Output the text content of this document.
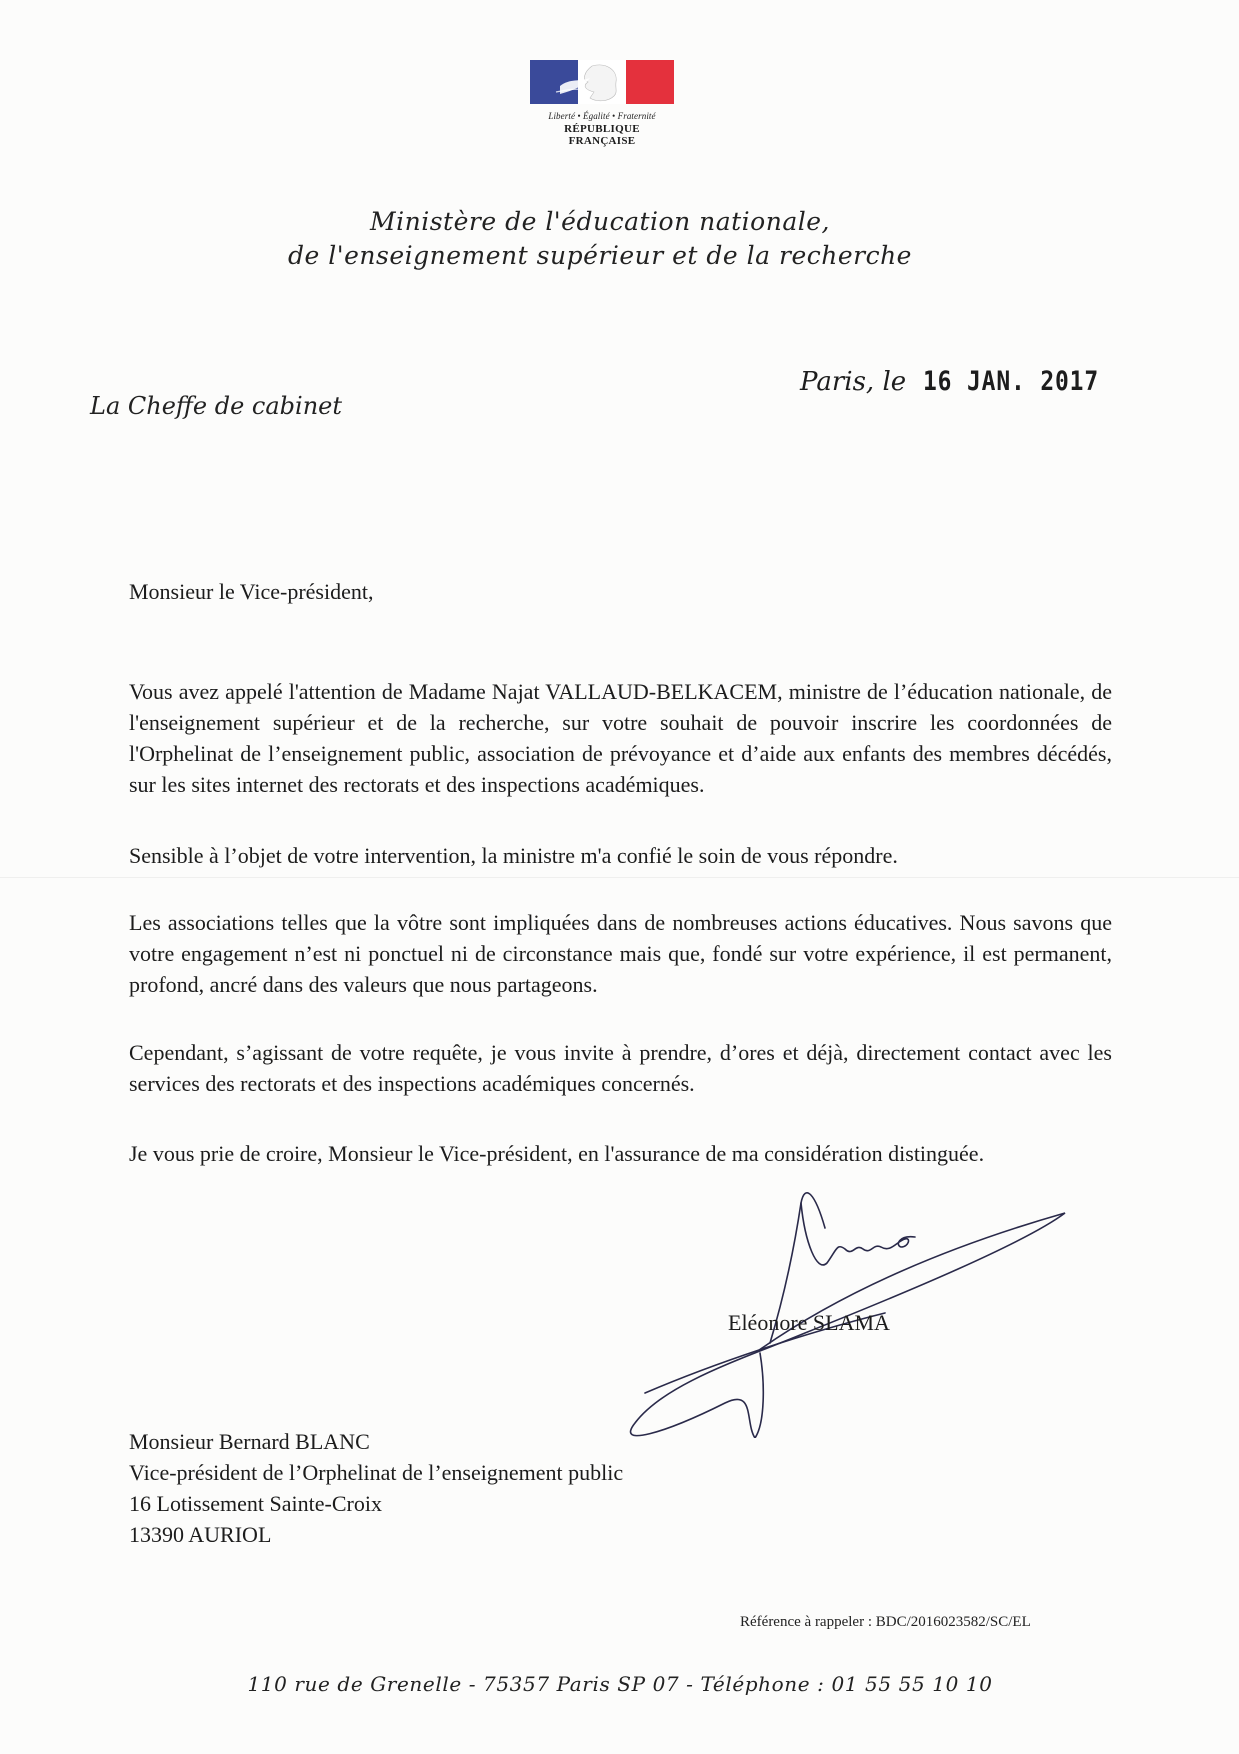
Liberté • Égalité • Fraternité
RÉPUBLIQUE FRANÇAISE
Ministère de l'éducation nationale,
de l'enseignement supérieur et de la recherche
La Cheffe de cabinet
Paris, le 16 JAN. 2017
Monsieur le Vice-président,
Vous avez appelé l'attention de Madame Najat VALLAUD-BELKACEM, ministre de l’éducation nationale, de l'enseignement supérieur et de la recherche, sur votre souhait de pouvoir inscrire les coordonnées de l'Orphelinat de l’enseignement public, association de prévoyance et d’aide aux enfants des membres décédés, sur les sites internet des rectorats et des inspections académiques.
Sensible à l’objet de votre intervention, la ministre m'a confié le soin de vous répondre.
Les associations telles que la vôtre sont impliquées dans de nombreuses actions éducatives. Nous savons que votre engagement n’est ni ponctuel ni de circonstance mais que, fondé sur votre expérience, il est permanent, profond, ancré dans des valeurs que nous partageons.
Cependant, s’agissant de votre requête, je vous invite à prendre, d’ores et déjà, directement contact avec les services des rectorats et des inspections académiques concernés.
Je vous prie de croire, Monsieur le Vice-président, en l'assurance de ma considération distinguée.
Eléonore SLAMA
Monsieur Bernard BLANC
Vice-président de l’Orphelinat de l’enseignement public
16 Lotissement Sainte-Croix
13390 AURIOL
Référence à rappeler : BDC/2016023582/SC/EL
110 rue de Grenelle - 75357 Paris SP 07 - Téléphone : 01 55 55 10 10
